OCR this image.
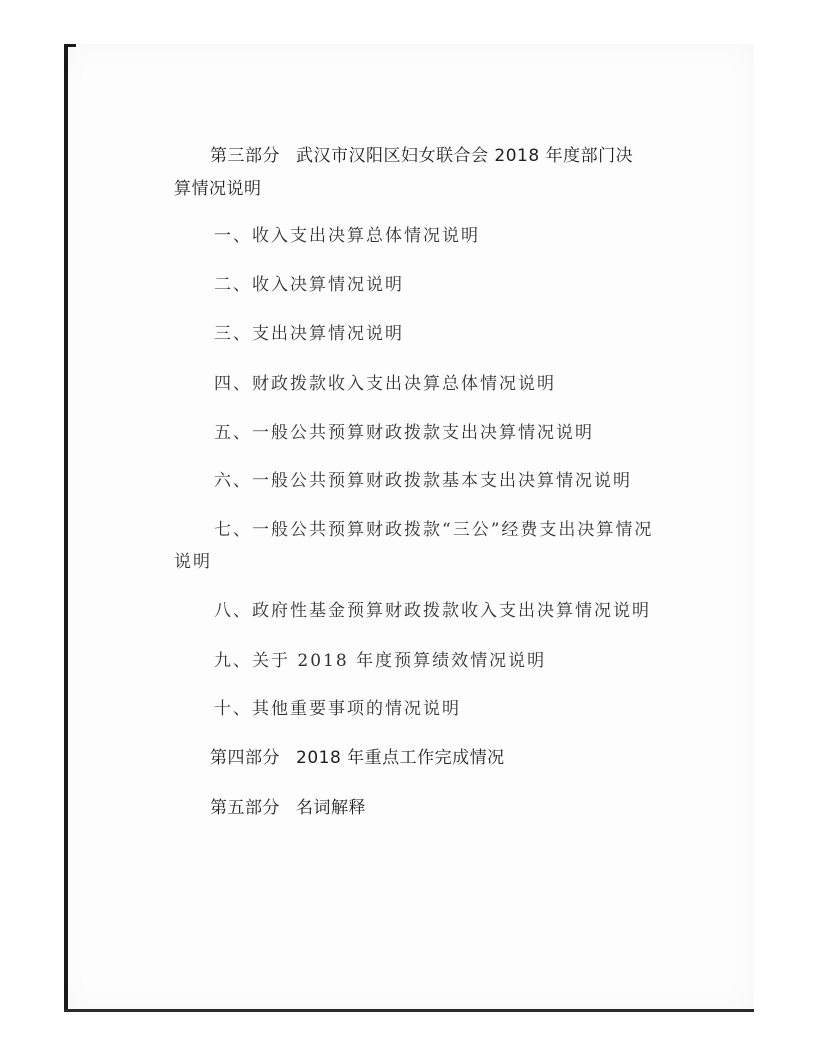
第三部分 武汉市汉阳区妇女联合会 2018 年度部门决
算情况说明
一、收入支出决算总体情况说明
二、收入决算情况说明
三、支出决算情况说明
四、财政拨款收入支出决算总体情况说明
五、一般公共预算财政拨款支出决算情况说明
六、一般公共预算财政拨款基本支出决算情况说明
七、一般公共预算财政拨款“三公”经费支出决算情况
说明
八、政府性基金预算财政拨款收入支出决算情况说明
九、关于 2018 年度预算绩效情况说明
十、其他重要事项的情况说明
第四部分 2018 年重点工作完成情况
第五部分 名词解释
